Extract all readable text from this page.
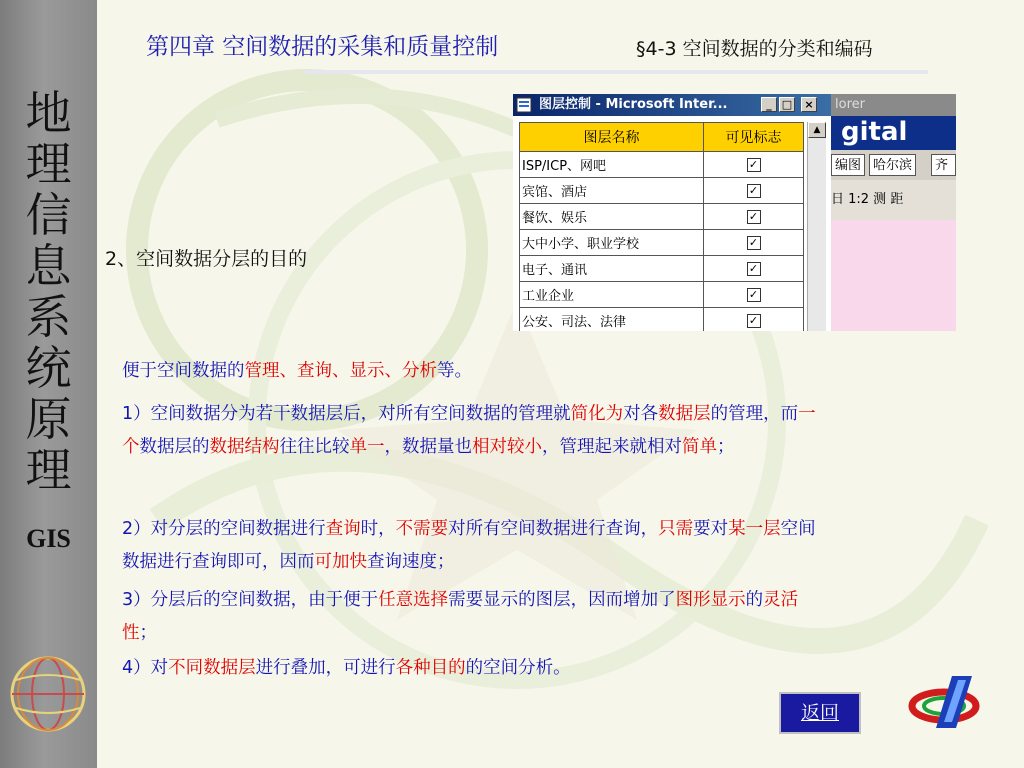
地
理
信
息
系
统
原
理
GIS
第四章 空间数据的采集和质量控制	§4-3 空间数据的分类和编码
图层控制 - Microsoft Inter...	_ □	×
图层名称	可见标志
ISP/ICP、网吧	✓
宾馆、酒店	✓
餐饮、娱乐	✓
大中小学、职业学校	✓
电子、通讯	✓
工业企业	✓
公安、司法、法律	✓
▲
lorer
gital
编图 哈尔滨	齐
日 1:2 测 距
2、空间数据分层的目的
便于空间数据的管理、查询、显示、分析等。
1）空间数据分为若干数据层后，对所有空间数据的管理就简化为对各数据层的管理，而一个数据层的数据结构往往比较单一，数据量也相对较小，管理起来就相对简单；
2）对分层的空间数据进行查询时，不需要对所有空间数据进行查询，只需要对某一层空间数据进行查询即可，因而可加快查询速度；
3）分层后的空间数据，由于便于任意选择需要显示的图层，因而增加了图形显示的灵活性；
4）对不同数据层进行叠加，可进行各种目的的空间分析。
返回
